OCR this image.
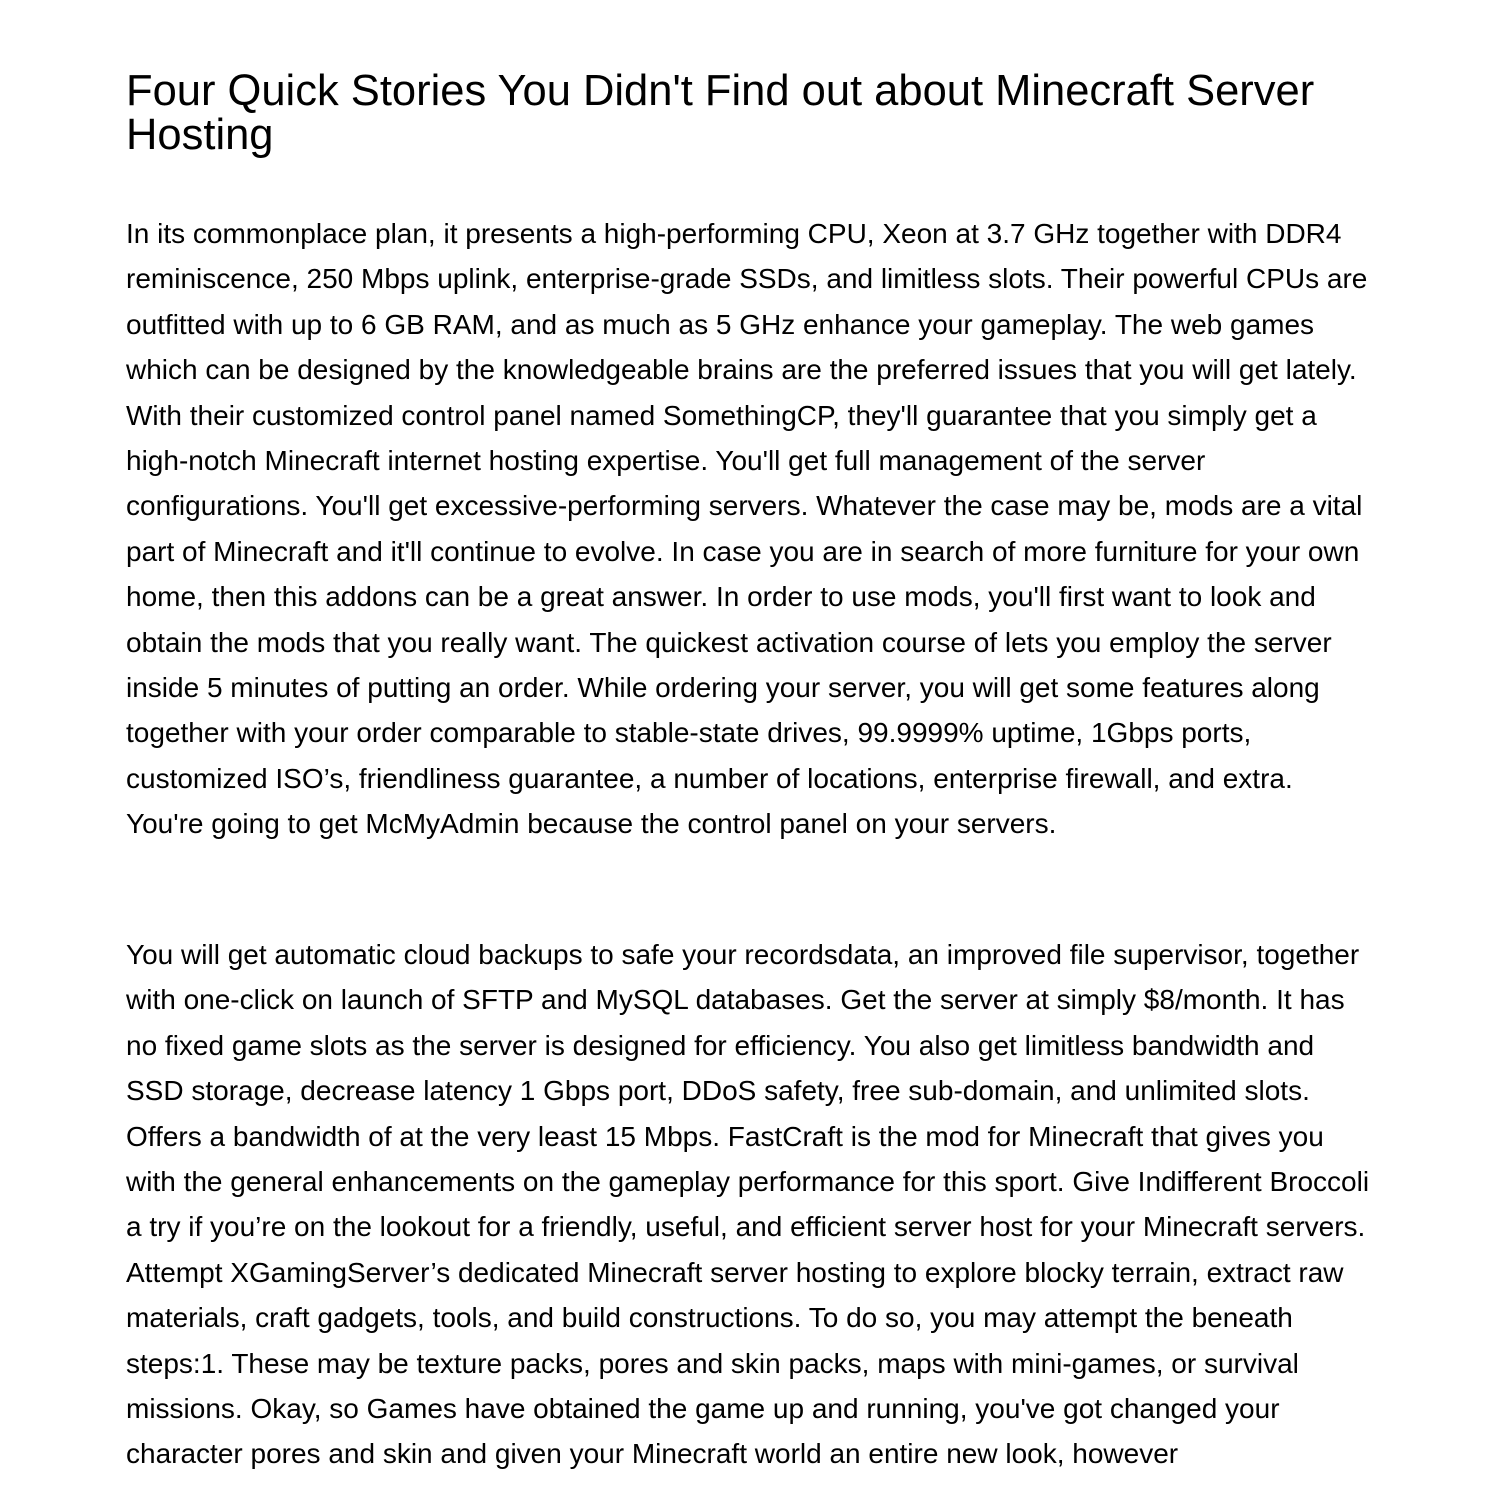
Four Quick Stories You Didn't Find out about Minecraft Server Hosting

In its commonplace plan, it presents a high-performing CPU, Xeon at 3.7 GHz together with DDR4 reminiscence, 250 Mbps uplink, enterprise-grade SSDs, and limitless slots. Their powerful CPUs are outfitted with up to 6 GB RAM, and as much as 5 GHz enhance your gameplay. The web games which can be designed by the knowledgeable brains are the preferred issues that you will get lately. With their customized control panel named SomethingCP, they'll guarantee that you simply get a high-notch Minecraft internet hosting expertise. You'll get full management of the server configurations. You'll get excessive-performing servers. Whatever the case may be, mods are a vital part of Minecraft and it'll continue to evolve. In case you are in search of more furniture for your own home, then this addons can be a great answer. In order to use mods, you'll first want to look and obtain the mods that you really want. The quickest activation course of lets you employ the server inside 5 minutes of putting an order. While ordering your server, you will get some features along together with your order comparable to stable-state drives, 99.9999% uptime, 1Gbps ports, customized ISO’s, friendliness guarantee, a number of locations, enterprise firewall, and extra. You're going to get McMyAdmin because the control panel on your servers.

You will get automatic cloud backups to safe your recordsdata, an improved file supervisor, together with one-click on launch of SFTP and MySQL databases. Get the server at simply $8/month. It has no fixed game slots as the server is designed for efficiency. You also get limitless bandwidth and SSD storage, decrease latency 1 Gbps port, DDoS safety, free sub-domain, and unlimited slots. Offers a bandwidth of at the very least 15 Mbps. FastCraft is the mod for Minecraft that gives you with the general enhancements on the gameplay performance for this sport. Give Indifferent Broccoli a try if you’re on the lookout for a friendly, useful, and efficient server host for your Minecraft servers. Attempt XGamingServer’s dedicated Minecraft server hosting to explore blocky terrain, extract raw materials, craft gadgets, tools, and build constructions. To do so, you may attempt the beneath steps:1. These may be texture packs, pores and skin packs, maps with mini-games, or survival missions. Okay, so Games have obtained the game up and running, you've got changed your character pores and skin and given your Minecraft world an entire new look, however
